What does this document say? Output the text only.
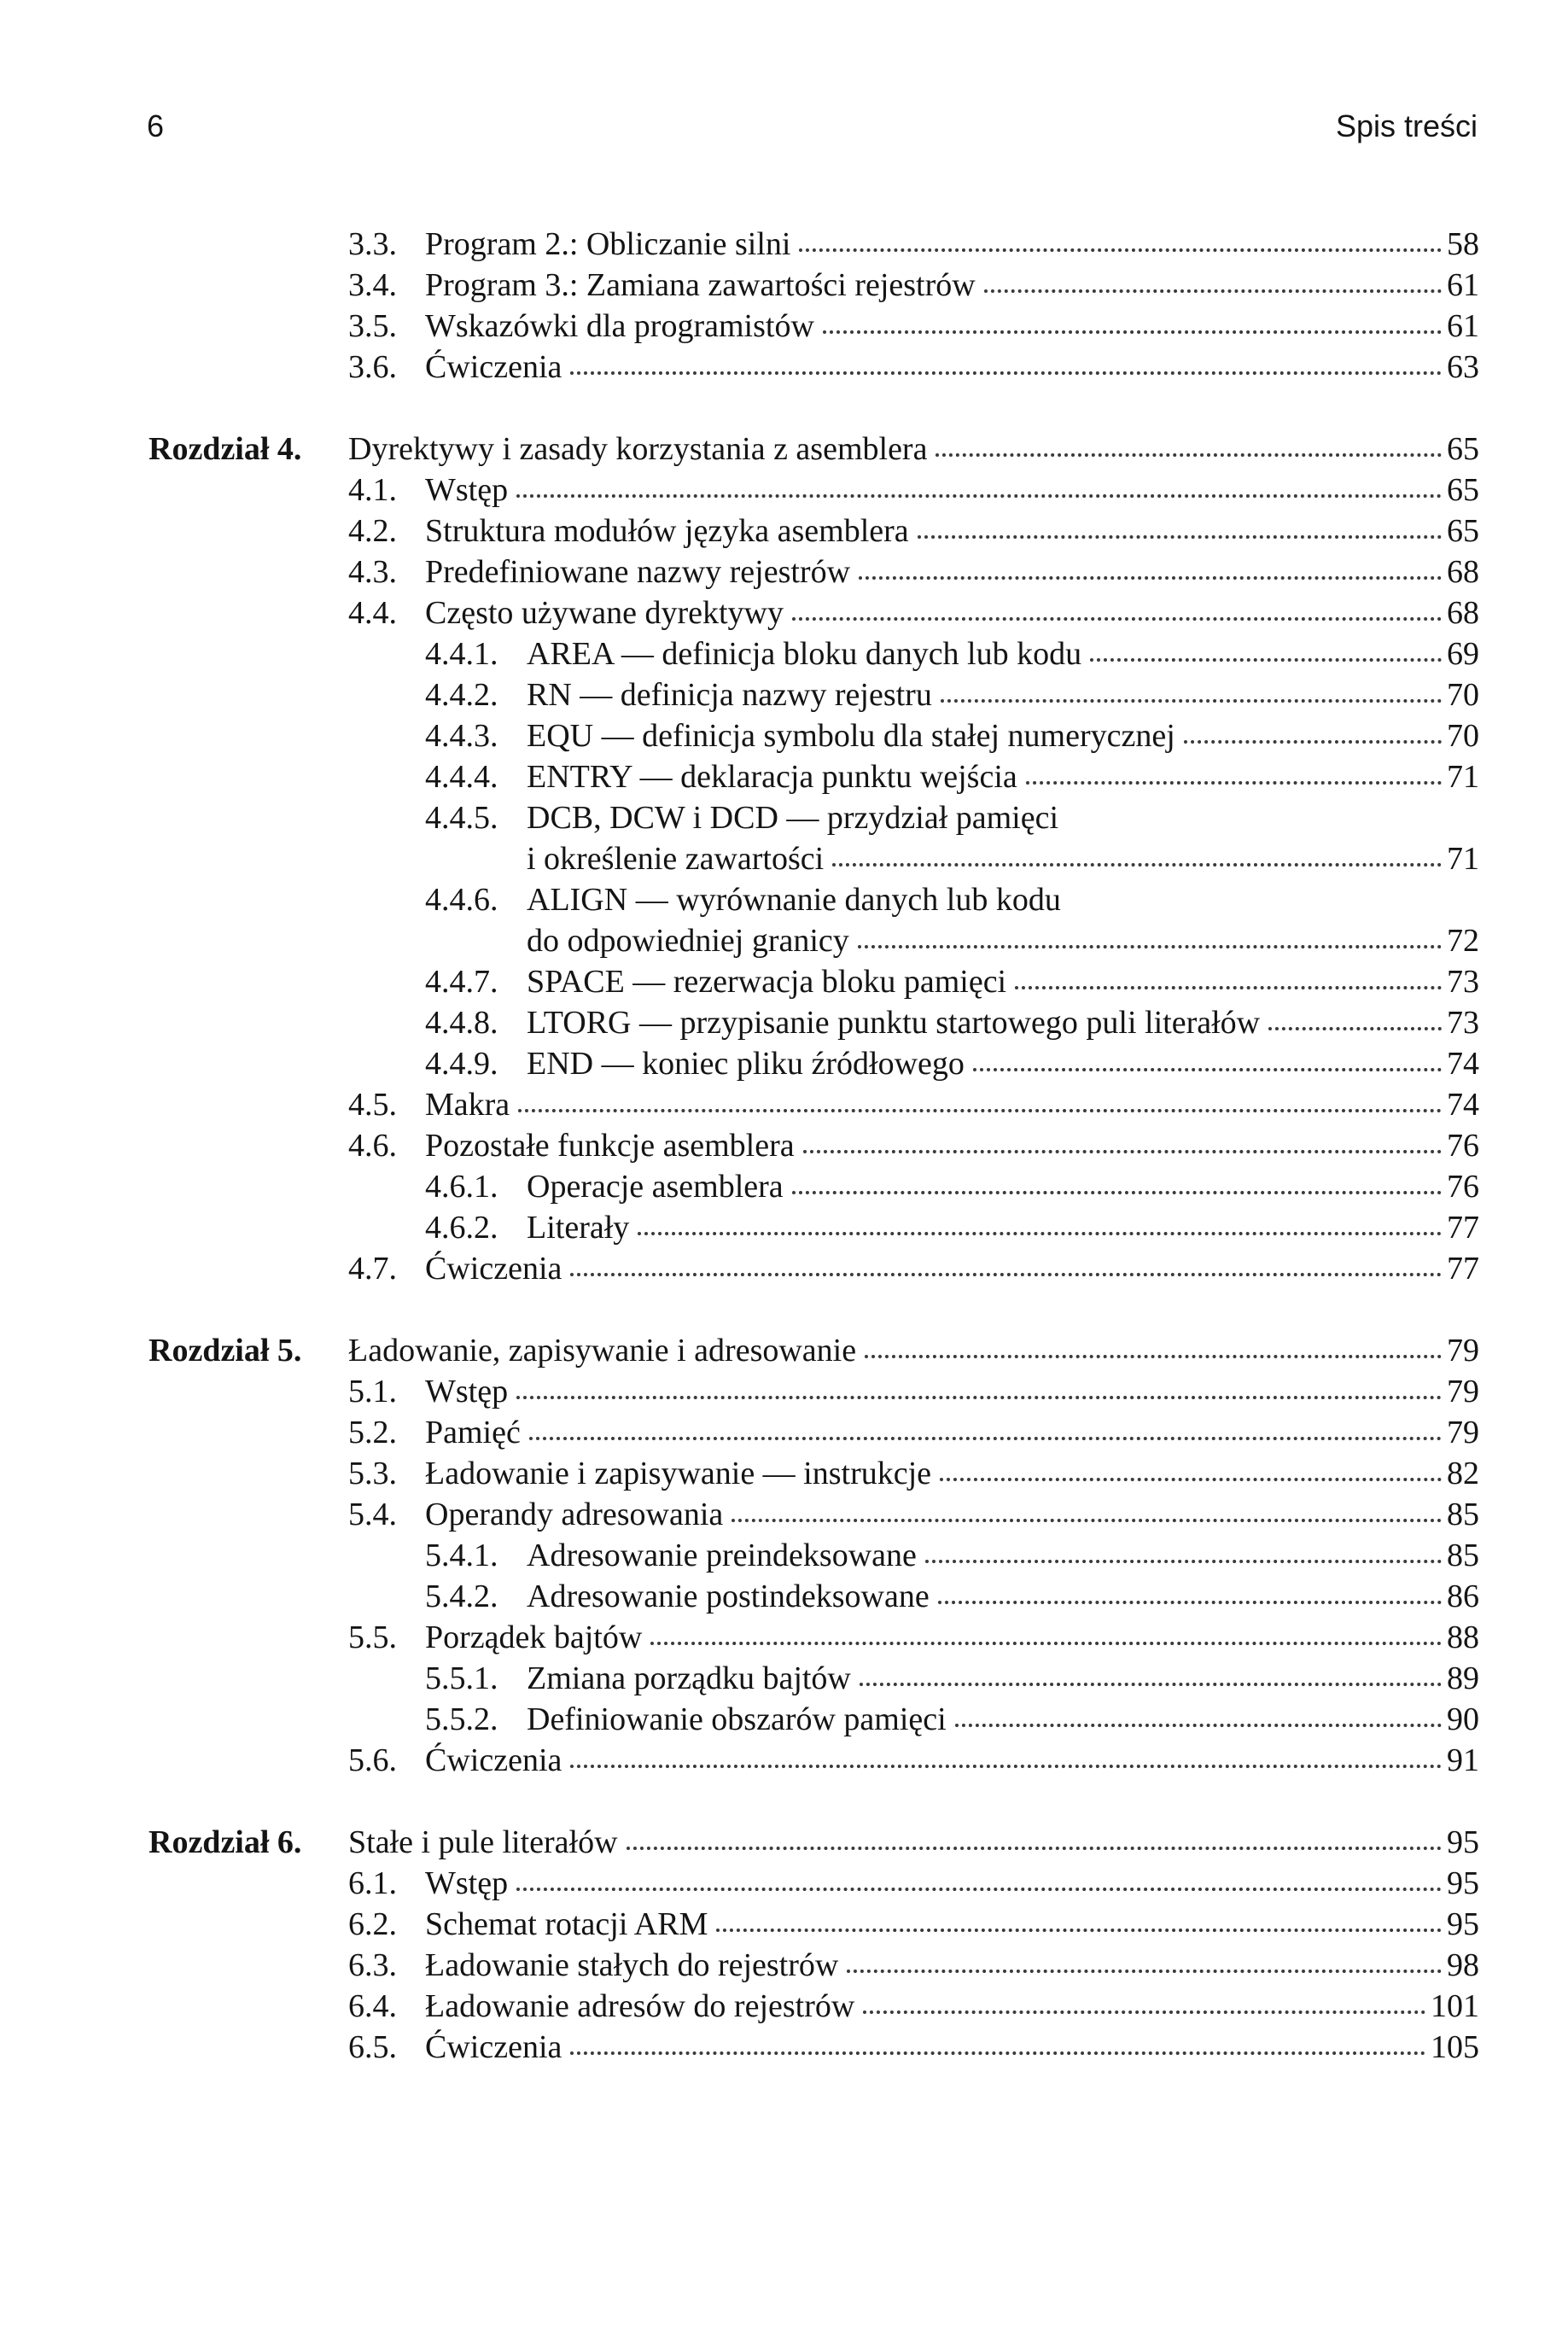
6	Spis treści
3.3. Program 2.: Obliczanie silni	58
3.4. Program 3.: Zamiana zawartości rejestrów	61
3.5. Wskazówki dla programistów	61
3.6. Ćwiczenia	63
Rozdział 4. Dyrektywy i zasady korzystania z asemblera	65
4.1. Wstęp	65
4.2. Struktura modułów języka asemblera	65
4.3. Predefiniowane nazwy rejestrów	68
4.4. Często używane dyrektywy	68
4.4.1. AREA — definicja bloku danych lub kodu	69
4.4.2. RN — definicja nazwy rejestru	70
4.4.3. EQU — definicja symbolu dla stałej numerycznej	70
4.4.4. ENTRY — deklaracja punktu wejścia	71
4.4.5. DCB, DCW i DCD — przydział pamięci
i określenie zawartości	71
4.4.6. ALIGN — wyrównanie danych lub kodu
do odpowiedniej granicy	72
4.4.7. SPACE — rezerwacja bloku pamięci	73
4.4.8. LTORG — przypisanie punktu startowego puli literałów	73
4.4.9. END — koniec pliku źródłowego	74
4.5. Makra	74
4.6. Pozostałe funkcje asemblera	76
4.6.1. Operacje asemblera	76
4.6.2. Literały	77
4.7. Ćwiczenia	77
Rozdział 5. Ładowanie, zapisywanie i adresowanie	79
5.1. Wstęp	79
5.2. Pamięć	79
5.3. Ładowanie i zapisywanie — instrukcje	82
5.4. Operandy adresowania	85
5.4.1. Adresowanie preindeksowane	85
5.4.2. Adresowanie postindeksowane	86
5.5. Porządek bajtów	88
5.5.1. Zmiana porządku bajtów	89
5.5.2. Definiowanie obszarów pamięci	90
5.6. Ćwiczenia	91
Rozdział 6. Stałe i pule literałów	95
6.1. Wstęp	95
6.2. Schemat rotacji ARM	95
6.3. Ładowanie stałych do rejestrów	98
6.4. Ładowanie adresów do rejestrów	101
6.5. Ćwiczenia	105
